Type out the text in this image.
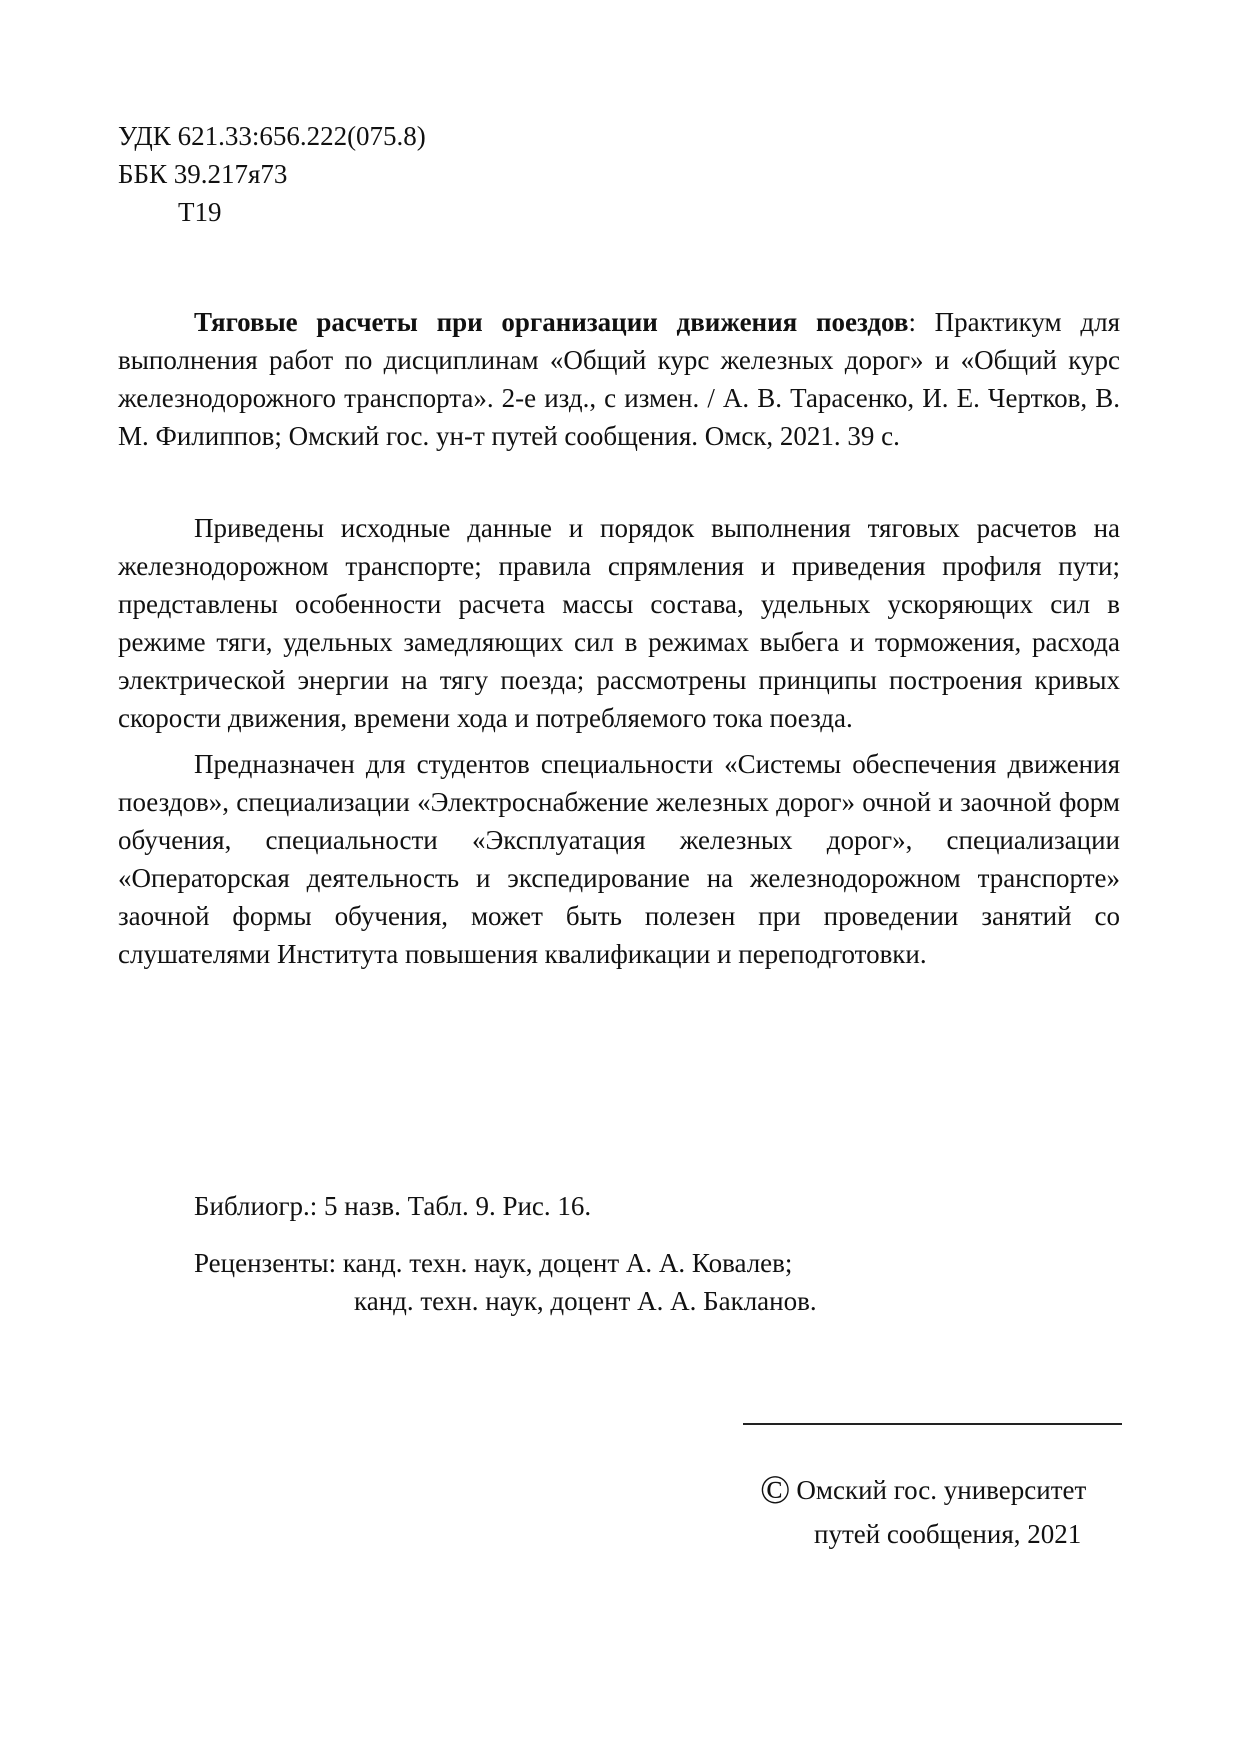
УДК 621.33:656.222(075.8)
ББК 39.217я73
Т19

Тяговые расчеты при организации движения поездов: Практикум для выполнения работ по дисциплинам «Общий курс железных дорог» и «Общий курс железнодорожного транспорта». 2-е изд., с измен. / А. В. Тарасенко, И. Е. Чертков, В. М. Филиппов; Омский гос. ун-т путей сообщения. Омск, 2021. 39 с.

Приведены исходные данные и порядок выполнения тяговых расчетов на железнодорожном транспорте; правила спрямления и приведения профиля пути; представлены особенности расчета массы состава, удельных ускоряющих сил в режиме тяги, удельных замедляющих сил в режимах выбега и торможения, расхода электрической энергии на тягу поезда; рассмотрены принципы построения кривых скорости движения, времени хода и потребляемого тока поезда.

Предназначен для студентов специальности «Системы обеспечения движения поездов», специализации «Электроснабжение железных дорог» очной и заочной форм обучения, специальности «Эксплуатация железных дорог», специализации «Операторская деятельность и экспедирование на железнодорожном транспорте» заочной формы обучения, может быть полезен при проведении занятий со слушателями Института повышения квалификации и переподготовки.

Библиогр.: 5 назв. Табл. 9. Рис. 16.
Рецензенты: канд. техн. наук, доцент А. А. Ковалев;
канд. техн. наук, доцент А. А. Бакланов.
© Омский гос. университет
путей сообщения, 2021
